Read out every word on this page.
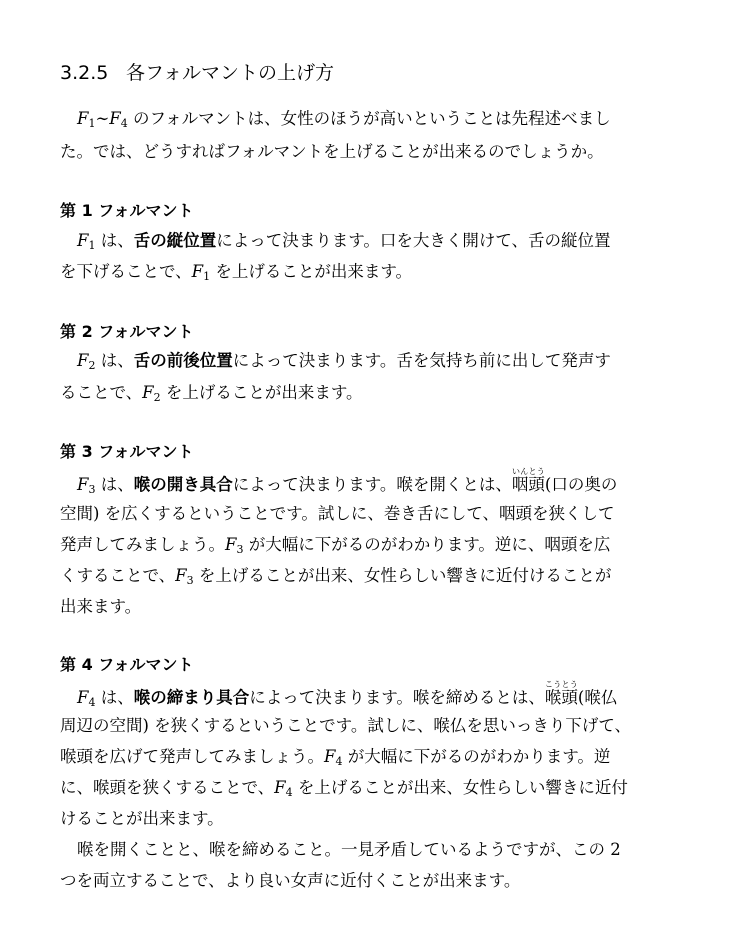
3.2.5 各フォルマントの上げ方
$F_1\sim F_4$ のフォルマントは、女性のほうが高いということは先程述べまし
た。では、どうすればフォルマントを上げることが出来るのでしょうか。
第 1 フォルマント
$F_1$ は、舌の縦位置によって決まります。口を大きく開けて、舌の縦位置
を下げることで、$F_1$ を上げることが出来ます。
第 2 フォルマント
$F_2$ は、舌の前後位置によって決まります。舌を気持ち前に出して発声す
ることで、$F_2$ を上げることが出来ます。
第 3 フォルマント
$F_3$ は、喉の開き具合によって決まります。喉を開くとは、咽頭いんとう(口の奥の
空間) を広くするということです。試しに、巻き舌にして、咽頭を狭くして
発声してみましょう。$F_3$ が大幅に下がるのがわかります。逆に、咽頭を広
くすることで、$F_3$ を上げることが出来、女性らしい響きに近付けることが
出来ます。
第 4 フォルマント
$F_4$ は、喉の締まり具合によって決まります。喉を締めるとは、喉頭こうとう(喉仏
周辺の空間) を狭くするということです。試しに、喉仏を思いっきり下げて、
喉頭を広げて発声してみましょう。$F_4$ が大幅に下がるのがわかります。逆
に、喉頭を狭くすることで、$F_4$ を上げることが出来、女性らしい響きに近付
けることが出来ます。
喉を開くことと、喉を締めること。一見矛盾しているようですが、この 2
つを両立することで、より良い女声に近付くことが出来ます。
